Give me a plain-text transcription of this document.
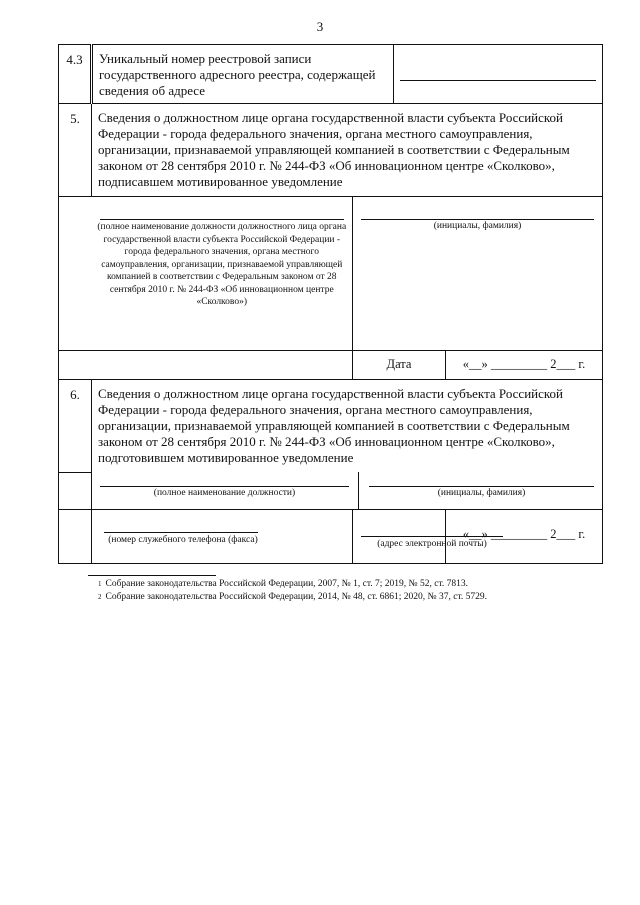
3
4.3	Уникальный номер реестровой записи государственного адресного реестра, содержащей сведения об адресе			

5.	Сведения о должностном лице органа государственной власти субъекта Российской Федерации - города федерального значения, органа местного самоуправления, организации, признаваемой управляющей компанией в соответствии с Федеральным законом от 28 сентября 2010 г. № 244-ФЗ «Об инновационном центре «Сколково», подписавшем мотивированное уведомление			

	(полное наименование должности должностного лица органа государственной власти субъекта Российской Федерации - города федерального значения, органа местного самоуправления, организации, признаваемой управляющей компанией в соответствии с Федеральным законом от 28 сентября 2010 г. № 244-ФЗ «Об инновационном центре «Сколково»)	(инициалы, фамилия)		

		Дата		«__» _________ 2___ г.

6.	Сведения о должностном лице органа государственной власти субъекта Российской Федерации - города федерального значения, органа местного самоуправления, организации, признаваемой управляющей компанией в соответствии с Федеральным законом от 28 сентября 2010 г. № 244-ФЗ «Об инновационном центре «Сколково», подготовившем мотивированное уведомление			

	(полное наименование должности) (инициалы, фамилия)			

	(номер служебного телефона (факса)	(адрес электронной почты)		«__» _________ 2___ г.
$^1$ Собрание законодательства Российской Федерации, 2007, № 1, ст. 7; 2019, № 52, ст. 7813.
$^2$ Собрание законодательства Российской Федерации, 2014, № 48, ст. 6861; 2020, № 37, ст. 5729.
